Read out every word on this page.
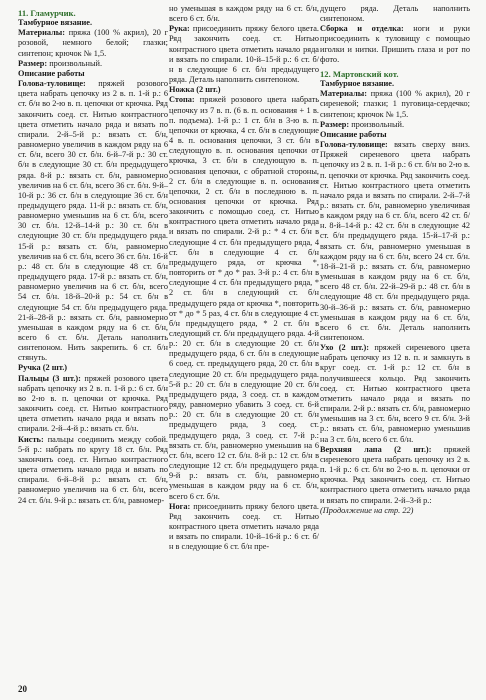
11. Гламурчик.

Тамбурное вязание.

Материалы: пряжа (100 % акрил), 20 г розовой, немного белой; глазки; синтепон; крючок № 1,5.

Размер: произвольный.

Описание работы

Голова-туловище: пряжей розового цвета набрать цепочку из 2 в. п. 1-й р.: 6 ст. б/н во 2-ю в. п. цепочки от крючка. Ряд закончить соед. ст. Нитью контрастного цвета отметить начало ряда и вязать по спирали. 2-й–5-й р.: вязать ст. б/н, равномерно увеличив в каждом ряду на 6 ст. б/н, всего 30 ст. б/н. 6-й–7-й р.: 30 ст. б/н в следующие 30 ст. б/н предыдущего ряда. 8-й р.: вязать ст. б/н, равномерно увеличив на 6 ст. б/н, всего 36 ст. б/н. 9-й–10-й р.: 36 ст. б/н в следующие 36 ст. б/н предыдущего ряда. 11-й р.: вязать ст. б/н, равномерно уменьшив на 6 ст. б/н, всего 30 ст. б/н. 12-й–14-й р.: 30 ст. б/н в следующие 30 ст. б/н предыдущего ряда. 15-й р.: вязать ст. б/н, равномерно увеличив на 6 ст. б/н, всего 36 ст. б/н. 16-й р.: 48 ст. б/н в следующие 48 ст. б/н предыдущего ряда. 17-й р.: вязать ст. б/н, равномерно увеличив на 6 ст. б/н, всего 54 ст. б/н. 18-й–20-й р.: 54 ст. б/н в следующие 54 ст. б/н предыдущего ряда. 21-й–28-й р.: вязать ст. б/н, равномерно уменьшая в каждом ряду на 6 ст. б/н, всего 6 ст. б/н. Деталь наполнить синтепоном. Нить закрепить. 6 ст. б/н стянуть.

Ручка (2 шт.)

Пальцы (3 шт.): пряжей розового цвета набрать цепочку из 2 в. п. 1-й р.: 6 ст. б/н во 2-ю в. п. цепочки от крючка. Ряд закончить соед. ст. Нитью контрастного цвета отметить начало ряда и вязать по спирали. 2-й–4-й р.: вязать ст. б/н.

Кисть: пальцы соединить между собой. 5-й р.: набрать по кругу 18 ст. б/н. Ряд закончить соед. ст. Нитью контрастного цвета отметить начало ряда и вязать по спирали. 6-й–8-й р.: вязать ст. б/н, равномерно увеличив на 6 ст. б/н, всего 24 ст. б/н. 9-й р.: вязать ст. б/н, равномер-

но уменьшая в каждом ряду на 6 ст. б/н, всего 6 ст. б/н.

Рука: присоединить пряжу белого цвета. Ряд закончить соед. ст. Нитью контрастного цвета отметить начало ряда и вязать по спирали. 10-й–15-й р.: 6 ст. б/н в следующие 6 ст. б/н предыдущего ряда. Деталь наполнить синтепоном.

Ножка (2 шт.)

Стопа: пряжей розового цвета набрать цепочку из 7 в. п. (6 в. п. основания + 1 в. п. подъема). 1-й р.: 1 ст. б/н в 3-ю в. п. цепочки от крючка, 4 ст. б/н в следующие 4 в. п. основания цепочки, 3 ст. б/н в следующую в. п. основания цепочки от крючка, 3 ст. б/н в следующую в. п. основания цепочки, с обратной стороны, 2 ст. б/н в следующие в. п. основания цепочки, 2 ст. б/н в последнюю в. п. основания цепочки от крючка. Ряд закончить с помощью соед. ст. Нитью контрастного цвета отметить начало ряда и вязать по спирали. 2-й р.: * 4 ст. б/н в следующие 4 ст. б/н предыдущего ряда, 4 ст. б/н в следующие 4 ст. б/н предыдущего ряда, от крючка *, повторить от * до * раз. 3-й р.: 4 ст. б/н в следующие 4 ст. б/н предыдущего ряда, * 2 ст. б/н в следующий ст. б/н предыдущего ряда от крючка *, повторить от * до * 5 раз, 4 ст. б/н в следующие 4 ст. б/н предыдущего ряда, * 2 ст. б/н в следующий ст. б/н предыдущего ряда. 4-й р.: 20 ст. б/н в следующие 20 ст. б/н предыдущего ряда, 6 ст. б/н в следующие 6 соед. ст. предыдущего ряда, 20 ст. б/н в следующие 20 ст. б/н предыдущего ряда. 5-й р.: 20 ст. б/н в следующие 20 ст. б/н предыдущего ряда, 3 соед. ст. в каждом ряду, равномерно убавить 3 соед. ст. 6-й р.: 20 ст. б/н в следующие 20 ст. б/н предыдущего ряда, 3 соед. ст. предыдущего ряда, 3 соед. ст. 7-й р.: вязать ст. б/н, равномерно уменьшив на 6 ст. б/н, всего 12 ст. б/н. 8-й р.: 12 ст. б/н в следующие 12 ст. б/н предыдущего ряда. 9-й р.: вязать ст. б/н, равномерно уменьшая в каждом ряду на 6 ст. б/н, всего 6 ст. б/н.

Нога: присоединить пряжу белого цвета. Ряд закончить соед. ст. Нитью контрастного цвета отметить начало ряда и вязать по спирали. 10-й–16-й р.: 6 ст. б/н в следующие 6 ст. б/н пре-

дущего ряда. Деталь наполнить синтепоном.

Сборка и отделка: ноги и руки присоединить к туловищу с помощью иголки и нитки. Пришить глаза и рот по фото.

12. Мартовский кот.

Тамбурное вязание.

Материалы: пряжа (100 % акрил), 20 г сиреневой; глазки; 1 пуговица-сердечко; синтепон; крючок № 1,5.

Размер: произвольный.

Описание работы

Голова-туловище: вязать сверху вниз. Пряжей сиреневого цвета набрать цепочку из 2 в. п. 1-й р.: 6 ст. б/н во 2-ю в. п. цепочки от крючка. Ряд закончить соед. ст. Нитью контрастного цвета отметить начало ряда и вязать по спирали. 2-й–7-й р.: вязать ст. б/н, равномерно увеличивая в каждом ряду на 6 ст. б/н, всего 42 ст. б/н. 8-й–14-й р.: 42 ст. б/н в следующие 42 ст. б/н предыдущего ряда. 15-й–17-й р.: вязать ст. б/н, равномерно уменьшая в каждом ряду на 6 ст. б/н, всего 24 ст. б/н. 18-й–21-й р.: вязать ст. б/н, равномерно уменьшая в каждом ряду на 6 ст. б/н, всего 48 ст. б/н. 22-й–29-й р.: 48 ст. б/н в следующие 48 ст. б/н предыдущего ряда. 30-й–36-й р.: вязать ст. б/н, равномерно уменьшая в каждом ряду на 6 ст. б/н, всего 6 ст. б/н. Деталь наполнить синтепоном.

Ухо (2 шт.): пряжей сиреневого цвета набрать цепочку из 12 в. п. и замкнуть в круг соед. ст. 1-й р.: 12 ст. б/н в получившееся кольцо. Ряд закончить соед. ст. Нитью контрастного цвета отметить начало ряда и вязать по спирали. 2-й р.: вязать ст. б/н, равномерно уменьшив на 3 ст. б/н, всего 9 ст. б/н. 3-й р.: вязать ст. б/н, равномерно уменьшив на 3 ст. б/н, всего 6 ст. б/н.

Верхняя лапа (2 шт.): пряжей сиреневого цвета набрать цепочку из 2 в. п. 1-й р.: 6 ст. б/н во 2-ю в. п. цепочки от крючка. Ряд закончить соед. ст. Нитью контрастного цвета отметить начало ряда и вязать по спирали. 2-й–3-й р.:

(Продолжение на стр. 22)

20
